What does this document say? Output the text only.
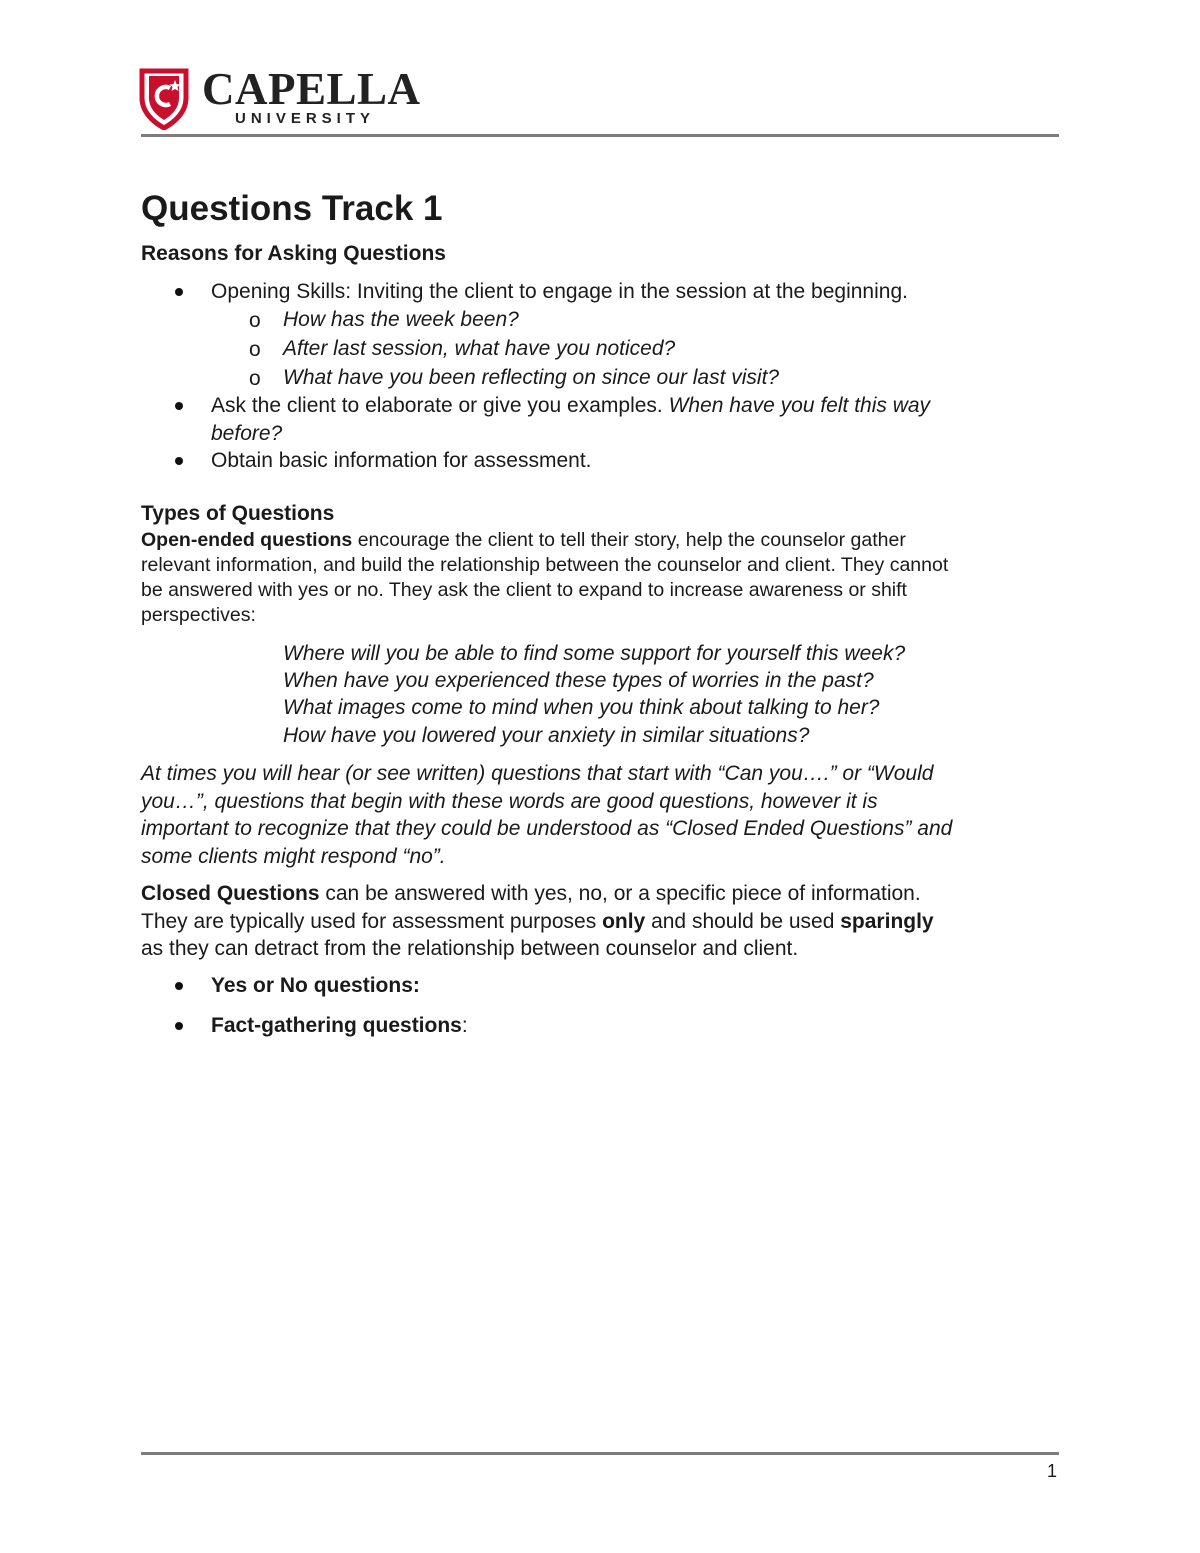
CAPELLA
UNIVERSITY
Questions Track 1
Reasons for Asking Questions
Opening Skills: Inviting the client to engage in the session at the beginning.
o How has the week been?
o After last session, what have you noticed?
o What have you been reflecting on since our last visit?
Ask the client to elaborate or give you examples. When have you felt this way
before?
Obtain basic information for assessment.
Types of Questions

Open-ended questions encourage the client to tell their story, help the counselor gather
relevant information, and build the relationship between the counselor and client. They cannot
be answered with yes or no. They ask the client to expand to increase awareness or shift
perspectives:

Where will you be able to find some support for yourself this week?
When have you experienced these types of worries in the past?
What images come to mind when you think about talking to her?
How have you lowered your anxiety in similar situations?

At times you will hear (or see written) questions that start with “Can you….” or “Would
you…”, questions that begin with these words are good questions, however it is
important to recognize that they could be understood as “Closed Ended Questions” and
some clients might respond “no”.

Closed Questions can be answered with yes, no, or a specific piece of information.
They are typically used for assessment purposes only and should be used sparingly
as they can detract from the relationship between counselor and client.

Yes or No questions:
Fact-gathering questions:
1
